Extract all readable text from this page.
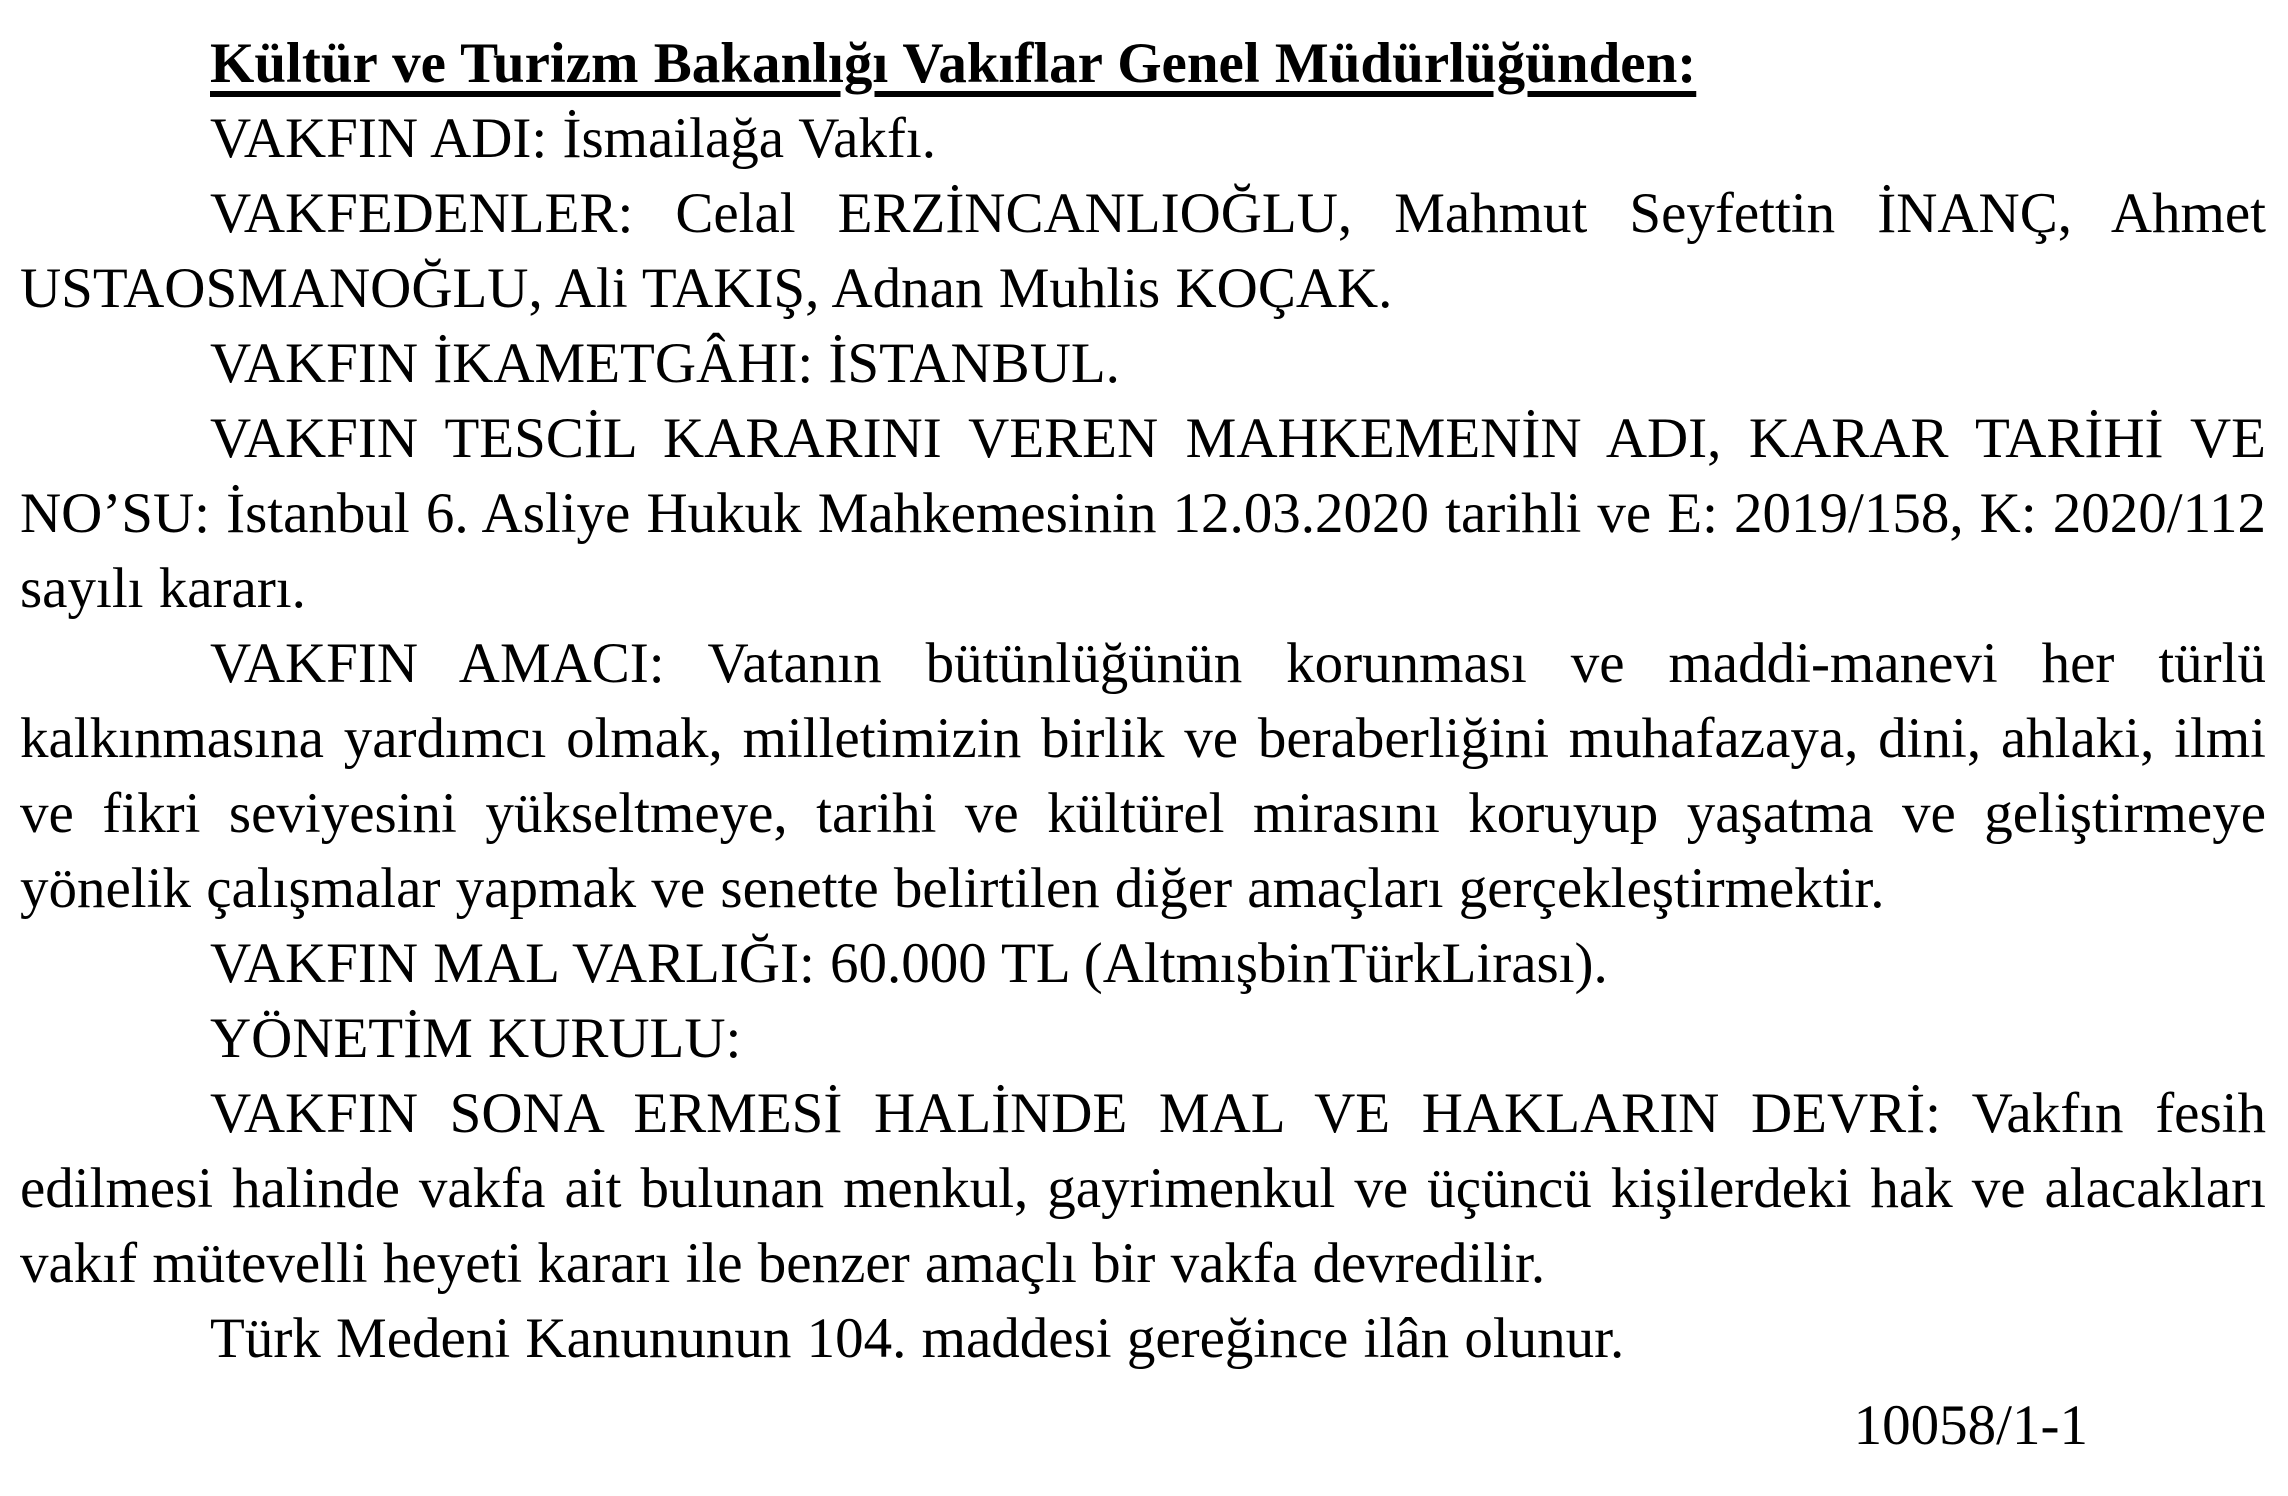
Kültür ve Turizm Bakanlığı Vakıflar Genel Müdürlüğünden:

VAKFIN ADI: İsmailağa Vakfı.

VAKFEDENLER: Celal ERZİNCANLIOĞLU, Mahmut Seyfettin İNANÇ, Ahmet USTAOSMANOĞLU, Ali TAKIŞ, Adnan Muhlis KOÇAK.

VAKFIN İKAMETGÂHI: İSTANBUL.

VAKFIN TESCİL KARARINI VEREN MAHKEMENİN ADI, KARAR TARİHİ VE NO’SU: İstanbul 6. Asliye Hukuk Mahkemesinin 12.03.2020 tarihli ve E: 2019/158, K: 2020/112 sayılı kararı.

VAKFIN AMACI: Vatanın bütünlüğünün korunması ve maddi-manevi her türlü kalkınmasına yardımcı olmak, milletimizin birlik ve beraberliğini muhafazaya, dini, ahlaki, ilmi ve fikri seviyesini yükseltmeye, tarihi ve kültürel mirasını koruyup yaşatma ve geliştirmeye yönelik çalışmalar yapmak ve senette belirtilen diğer amaçları gerçekleştirmektir.

VAKFIN MAL VARLIĞI: 60.000 TL (AltmışbinTürkLirası).

YÖNETİM KURULU:

VAKFIN SONA ERMESİ HALİNDE MAL VE HAKLARIN DEVRİ: Vakfın fesih edilmesi halinde vakfa ait bulunan menkul, gayrimenkul ve üçüncü kişilerdeki hak ve alacakları vakıf mütevelli heyeti kararı ile benzer amaçlı bir vakfa devredilir.

Türk Medeni Kanununun 104. maddesi gereğince ilân olunur.

10058/1-1
